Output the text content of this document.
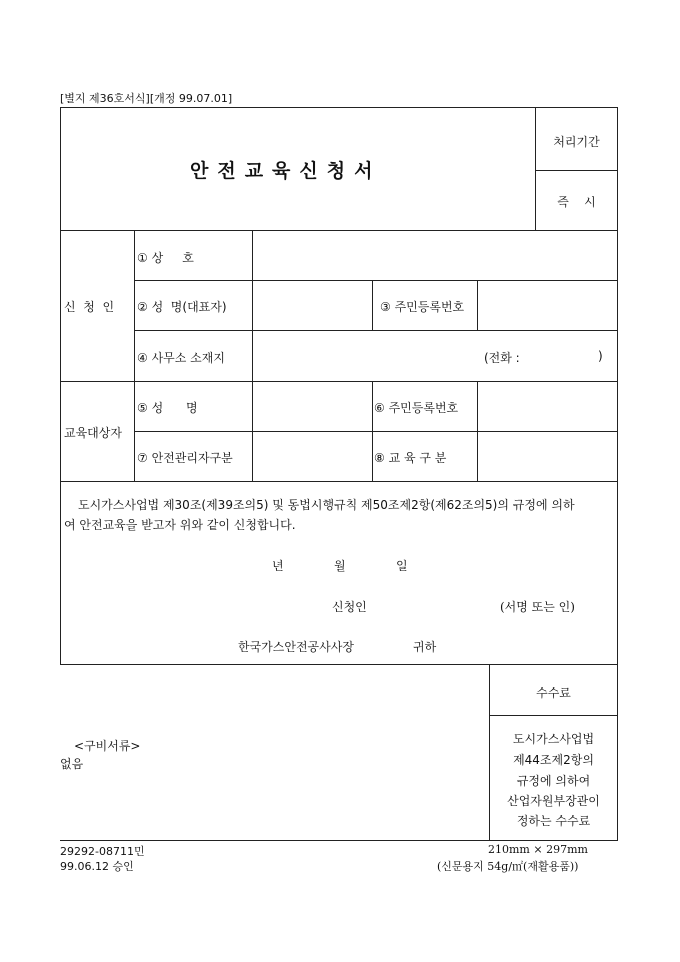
[별지 제36호서식][개정 99.07.01]
안전교육신청서
처리기간
즉    시
신  청  인
① 상     호
② 성  명(대표자)	③ 주민등록번호
④ 사무소 소재지	(전화 :	)
교육대상자
⑤ 성      명	⑥ 주민등록번호
⑦ 안전관리자구분	⑧ 교 육 구 분
도시가스사업법 제30조(제39조의5) 및 동법시행규칙 제50조제2항(제62조의5)의 규정에 의하
여 안전교육을 받고자 위와 같이 신청합니다.
년	월	일
신청인	(서명 또는 인)
한국가스안전공사사장	귀하
<구비서류>
없음
수수료
도시가스사업법
제44조제2항의
규정에 의하여
산업자원부장관이
정하는 수수료
29292-08711민
99.06.12 승인
210mm × 297mm
(신문용지 54g/㎡(재활용품))
